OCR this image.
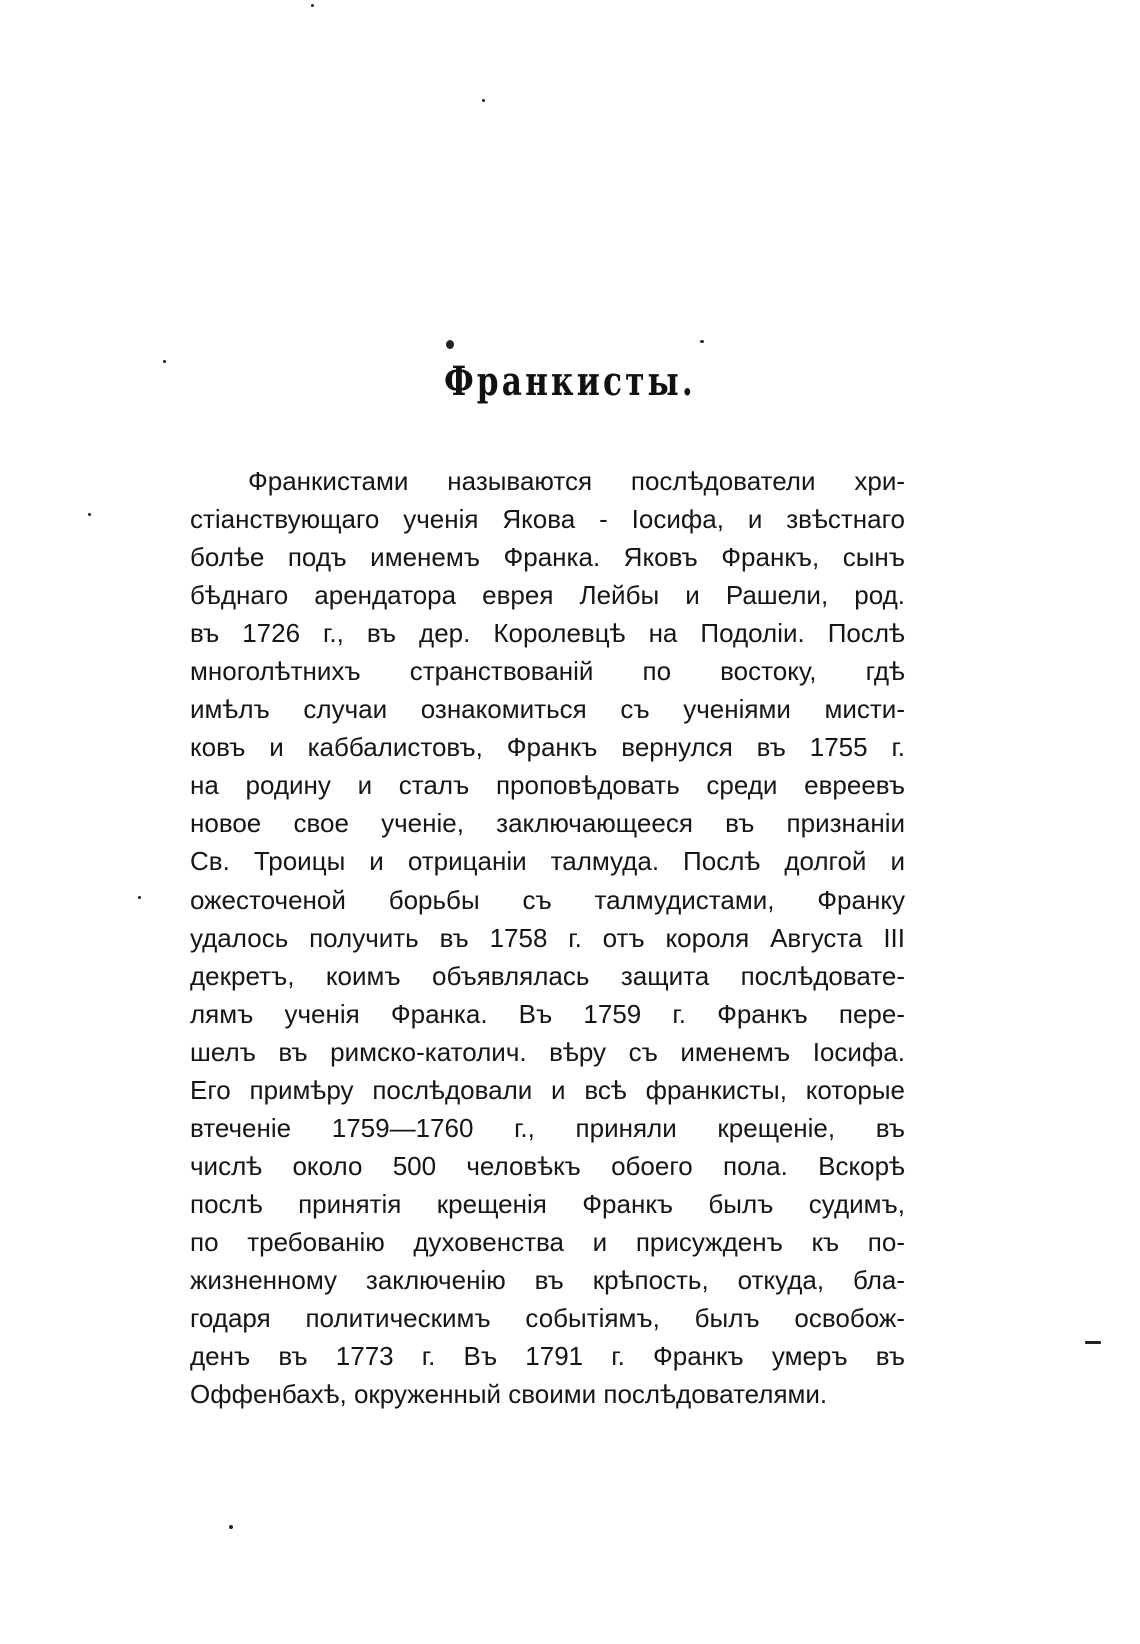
Франкисты.
Франкистами называются послѣдователи хри-
стіанствующаго ученія Якова - Іосифа, и звѣстнаго
болѣе подъ именемъ Франка. Яковъ Франкъ, сынъ
бѣднаго арендатора еврея Лейбы и Рашели, род.
въ 1726 г., въ дер. Королевцѣ на Подоліи. Послѣ
многолѣтнихъ странствованій по востоку, гдѣ
имѣлъ случаи ознакомиться съ ученіями мисти-
ковъ и каббалистовъ, Франкъ вернулся въ 1755 г.
на родину и сталъ проповѣдовать среди евреевъ
новое свое ученіе, заключающееся въ признаніи
Св. Троицы и отрицаніи талмуда. Послѣ долгой и
ожесточеной борьбы съ талмудистами, Франку
удалось получить въ 1758 г. отъ короля Августа III
декретъ, коимъ объявлялась защита послѣдовате-
лямъ ученія Франка. Въ 1759 г. Франкъ пере-
шелъ въ римско-католич. вѣру съ именемъ Іосифа.
Его примѣру послѣдовали и всѣ франкисты, которые
втеченіе 1759—1760 г., приняли крещеніе, въ
числѣ около 500 человѣкъ обоего пола. Вскорѣ
послѣ принятія крещенія Франкъ былъ судимъ,
по требованію духовенства и присужденъ къ по-
жизненному заключенію въ крѣпость, откуда, бла-
годаря политическимъ событіямъ, былъ освобож-
денъ въ 1773 г. Въ 1791 г. Франкъ умеръ въ
Оффенбахѣ, окруженный своими послѣдователями.
